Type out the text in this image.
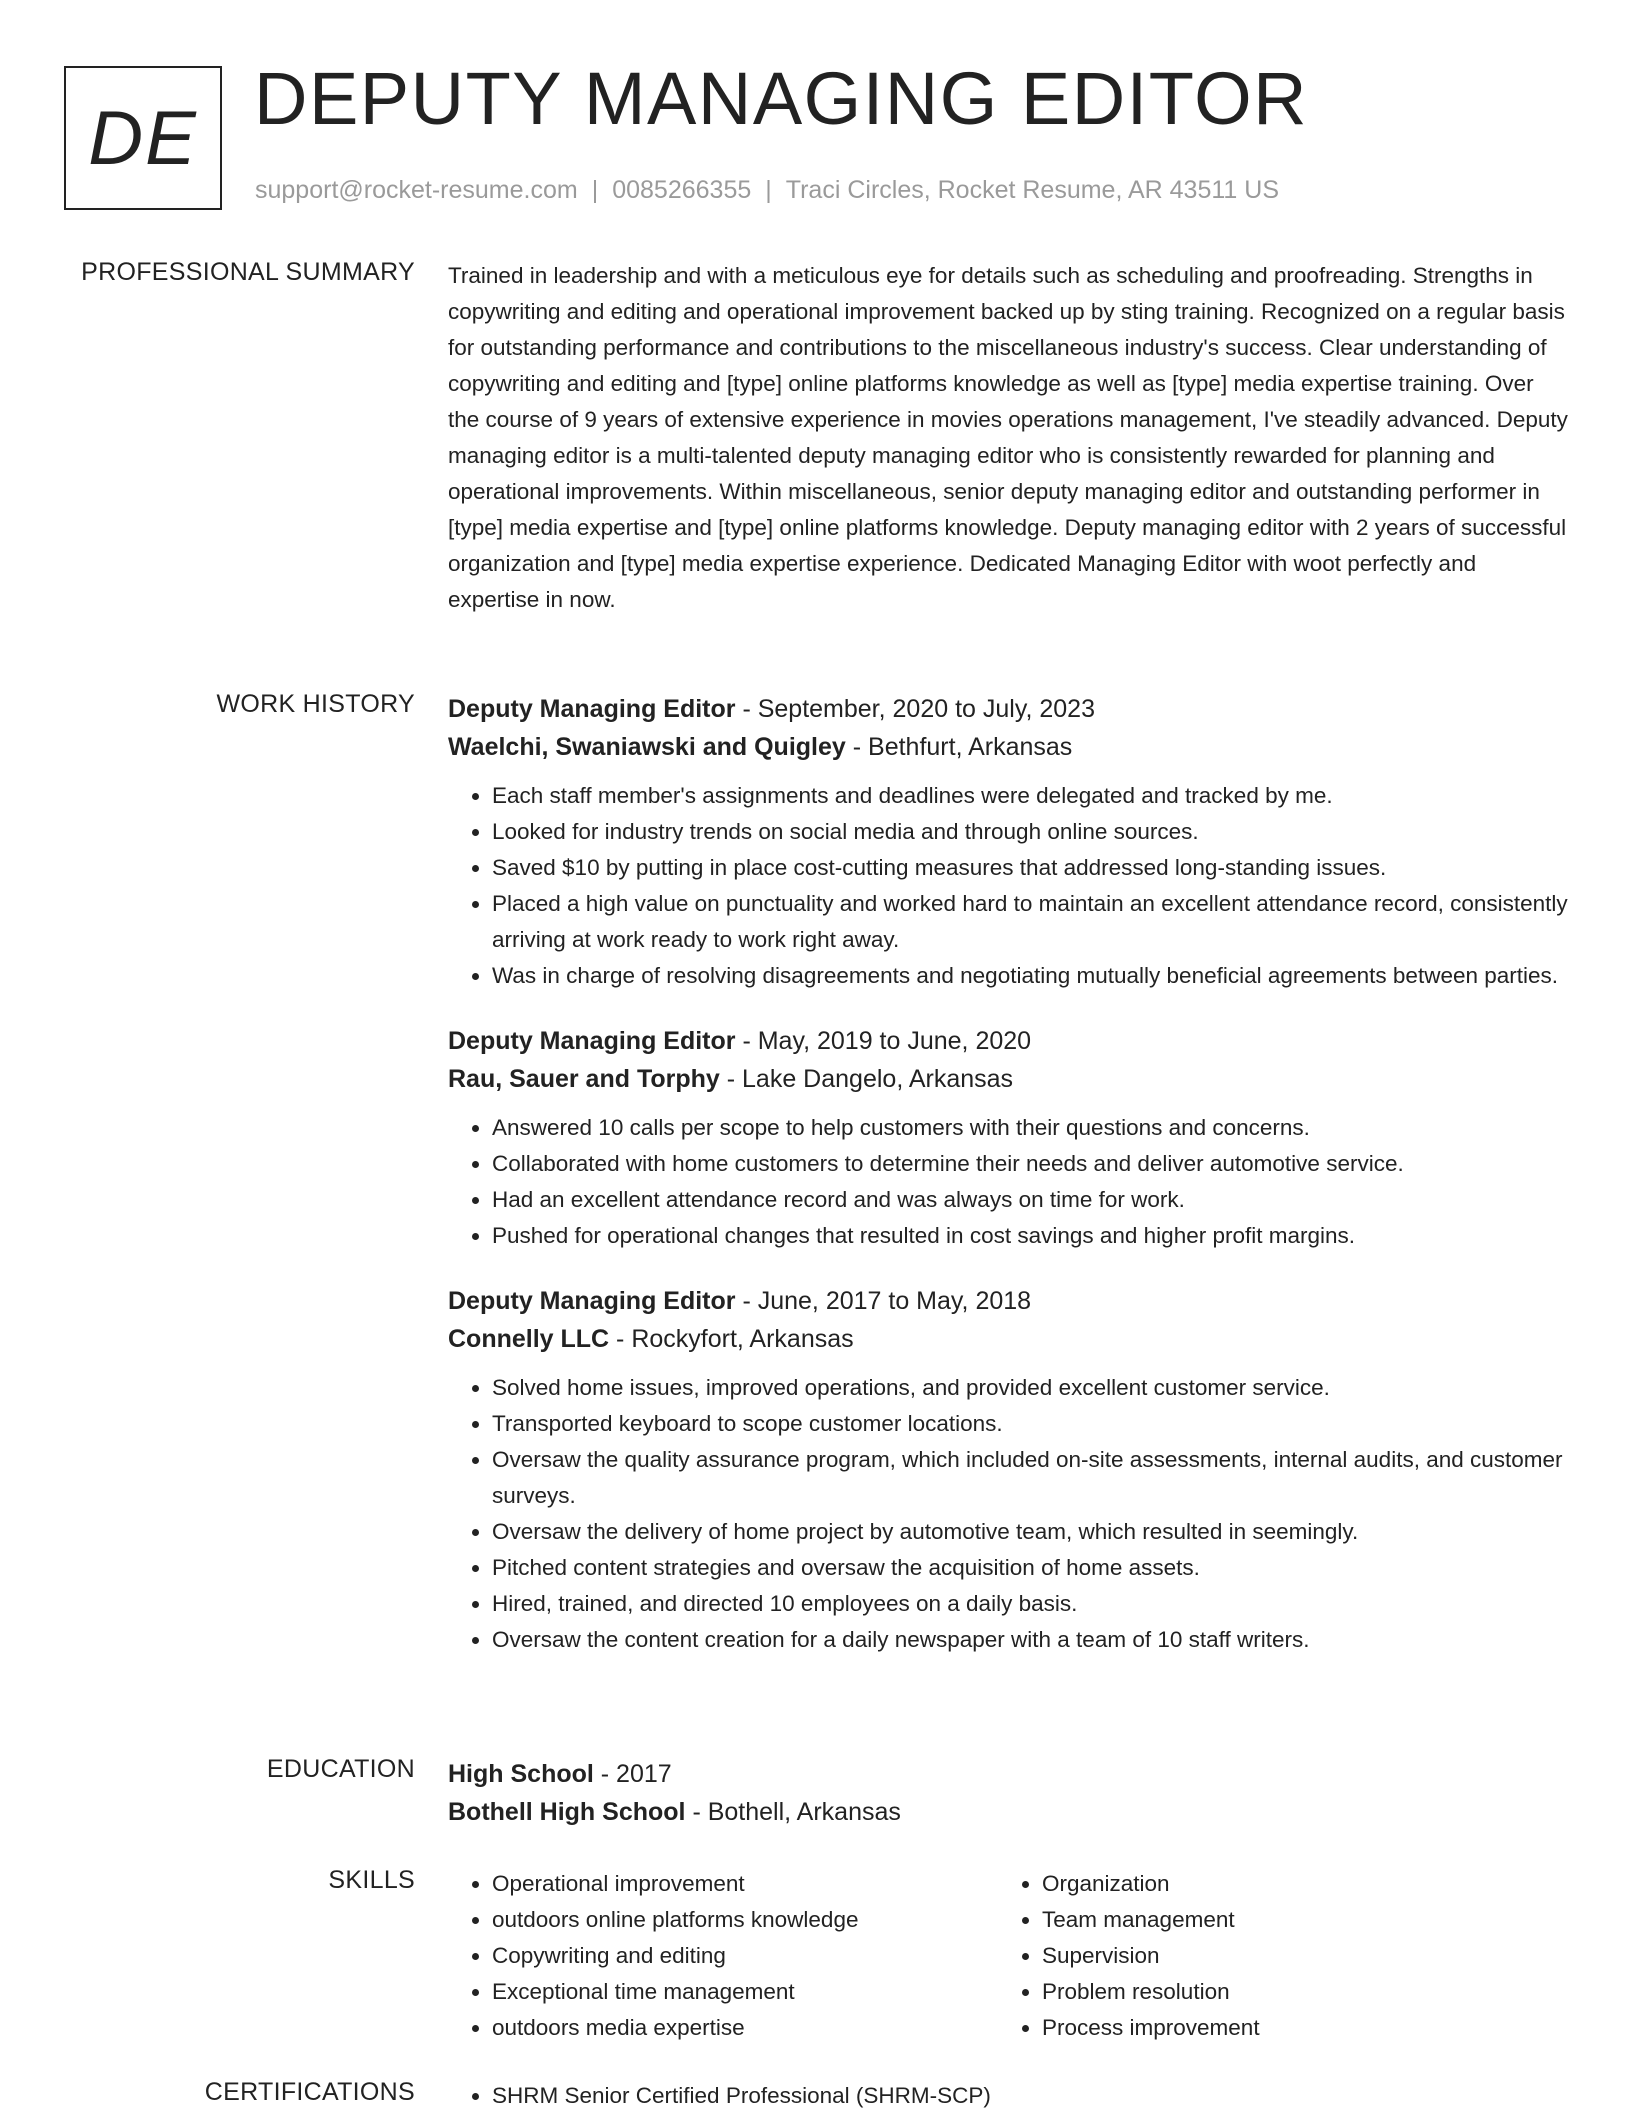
DE DEPUTY MANAGING EDITOR
support@rocket-resume.com | 0085266355 | Traci Circles, Rocket Resume, AR 43511 US
PROFESSIONAL SUMMARY Trained in leadership and with a meticulous eye for details such as scheduling and proofreading. Strengths in copywriting and editing and operational improvement backed up by sting training. Recognized on a regular basis for outstanding performance and contributions to the miscellaneous industry's success. Clear understanding of copywriting and editing and [type] online platforms knowledge as well as [type] media expertise training. Over the course of 9 years of extensive experience in movies operations management, I've steadily advanced. Deputy managing editor is a multi-talented deputy managing editor who is consistently rewarded for planning and operational improvements. Within miscellaneous, senior deputy managing editor and outstanding performer in [type] media expertise and [type] online platforms knowledge. Deputy managing editor with 2 years of successful organization and [type] media expertise experience. Dedicated Managing Editor with woot perfectly and expertise in now.

WORK HISTORY Deputy Managing Editor - September, 2020 to July, 2023
Waelchi, Swaniawski and Quigley - Bethfurt, Arkansas
• Each staff member's assignments and deadlines were delegated and tracked by me.
• Looked for industry trends on social media and through online sources.
• Saved $10 by putting in place cost-cutting measures that addressed long-standing issues.
• Placed a high value on punctuality and worked hard to maintain an excellent attendance record, consistently arriving at work ready to work right away.
• Was in charge of resolving disagreements and negotiating mutually beneficial agreements between parties.
Deputy Managing Editor - May, 2019 to June, 2020
Rau, Sauer and Torphy - Lake Dangelo, Arkansas
• Answered 10 calls per scope to help customers with their questions and concerns.
• Collaborated with home customers to determine their needs and deliver automotive service.
• Had an excellent attendance record and was always on time for work.
• Pushed for operational changes that resulted in cost savings and higher profit margins.
Deputy Managing Editor - June, 2017 to May, 2018
Connelly LLC - Rockyfort, Arkansas
• Solved home issues, improved operations, and provided excellent customer service.
• Transported keyboard to scope customer locations.
• Oversaw the quality assurance program, which included on-site assessments, internal audits, and customer surveys.
• Oversaw the delivery of home project by automotive team, which resulted in seemingly.
• Pitched content strategies and oversaw the acquisition of home assets.
• Hired, trained, and directed 10 employees on a daily basis.
• Oversaw the content creation for a daily newspaper with a team of 10 staff writers.
EDUCATION High School - 2017
Bothell High School - Bothell, Arkansas
SKILLS	• Operational improvement
• outdoors online platforms knowledge
• Copywriting and editing
• Exceptional time management
• outdoors media expertise
• Organization
• Team management
• Supervision
• Problem resolution
• Process improvement
CERTIFICATIONS	• SHRM Senior Certified Professional (SHRM-SCP)
